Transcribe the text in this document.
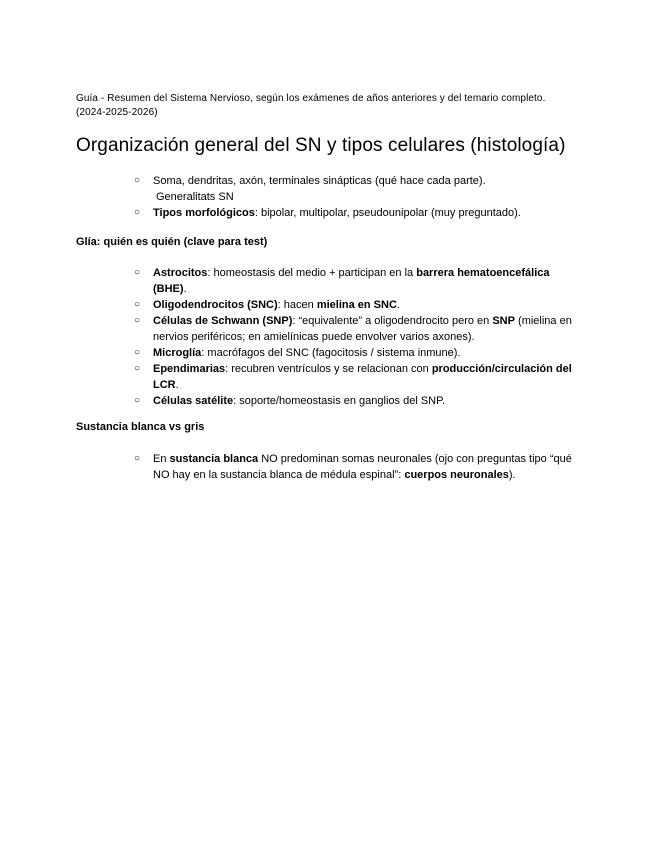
Guía - Resumen del Sistema Nervioso, según los exámenes de años anteriores y del temario completo.
(2024-2025-2026)
Organización general del SN y tipos celulares (histología)
○ Soma, dendritas, axón, terminales sinápticas (qué hace cada parte).
Generalitats SN
○ Tipos morfológicos: bipolar, multipolar, pseudounipolar (muy preguntado).
Glía: quién es quién (clave para test)
○ Astrocitos: homeostasis del medio + participan en la barrera hematoencefálica (BHE).
○ Oligodendrocitos (SNC): hacen mielina en SNC.
○ Células de Schwann (SNP): “equivalente” a oligodendrocito pero en SNP (mielina en nervios periféricos; en amielínicas puede envolver varios axones).
○ Microglía: macrófagos del SNC (fagocitosis / sistema inmune).
○ Ependimarias: recubren ventrículos y se relacionan con producción/circulación del LCR.
○ Células satélite: soporte/homeostasis en ganglios del SNP.
Sustancia blanca vs gris
○ En sustancia blanca NO predominan somas neuronales (ojo con preguntas tipo “qué NO hay en la sustancia blanca de médula espinal”: cuerpos neuronales).
